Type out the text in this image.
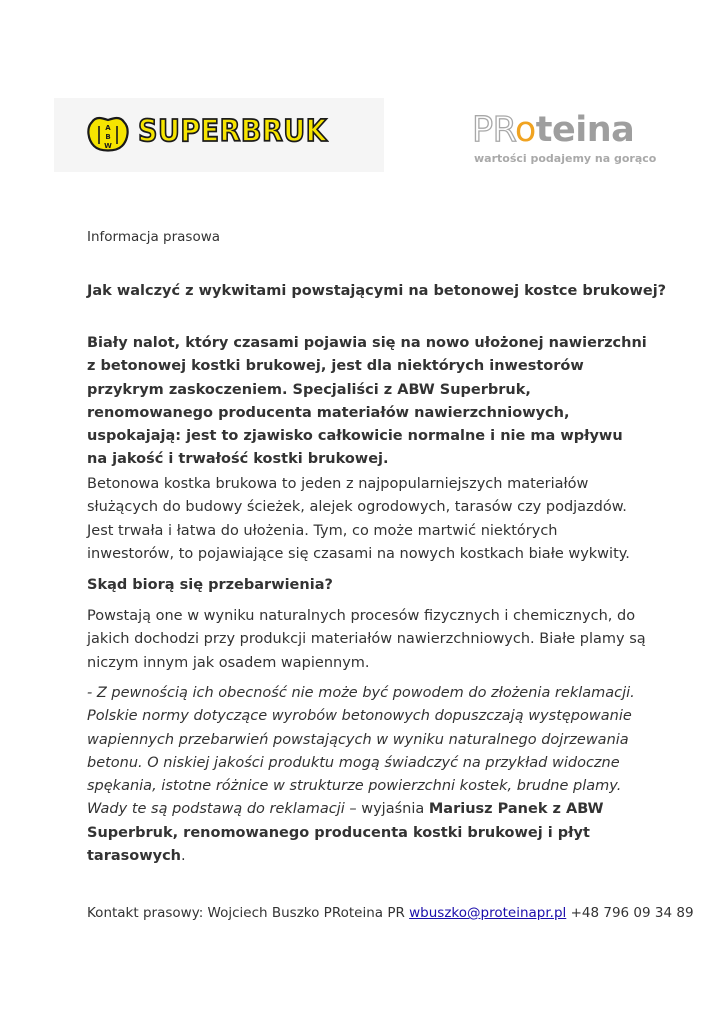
A
B
W SUPERBRUK	PRoteina
wartości podajemy na gorąco

Informacja prasowa

Jak walczyć z wykwitami powstającymi na betonowej kostce brukowej?

Biały nalot, który czasami pojawia się na nowo ułożonej nawierzchni z betonowej kostki brukowej, jest dla niektórych inwestorów przykrym zaskoczeniem. Specjaliści z ABW Superbruk, renomowanego producenta materiałów nawierzchniowych, uspokajają: jest to zjawisko całkowicie normalne i nie ma wpływu na jakość i trwałość kostki brukowej.

Betonowa kostka brukowa to jeden z najpopularniejszych materiałów służących do budowy ścieżek, alejek ogrodowych, tarasów czy podjazdów. Jest trwała i łatwa do ułożenia. Tym, co może martwić niektórych inwestorów, to pojawiające się czasami na nowych kostkach białe wykwity.

Skąd biorą się przebarwienia?

Powstają one w wyniku naturalnych procesów fizycznych i chemicznych, do jakich dochodzi przy produkcji materiałów nawierzchniowych. Białe plamy są niczym innym jak osadem wapiennym.

- Z pewnością ich obecność nie może być powodem do złożenia reklamacji. Polskie normy dotyczące wyrobów betonowych dopuszczają występowanie wapiennych przebarwień powstających w wyniku naturalnego dojrzewania betonu. O niskiej jakości produktu mogą świadczyć na przykład widoczne spękania, istotne różnice w strukturze powierzchni kostek, brudne plamy. Wady te są podstawą do reklamacji – wyjaśnia Mariusz Panek z ABW Superbruk, renomowanego producenta kostki brukowej i płyt tarasowych.

Kontakt prasowy: Wojciech Buszko PRoteina PR wbuszko@proteinapr.pl +48 796 09 34 89
